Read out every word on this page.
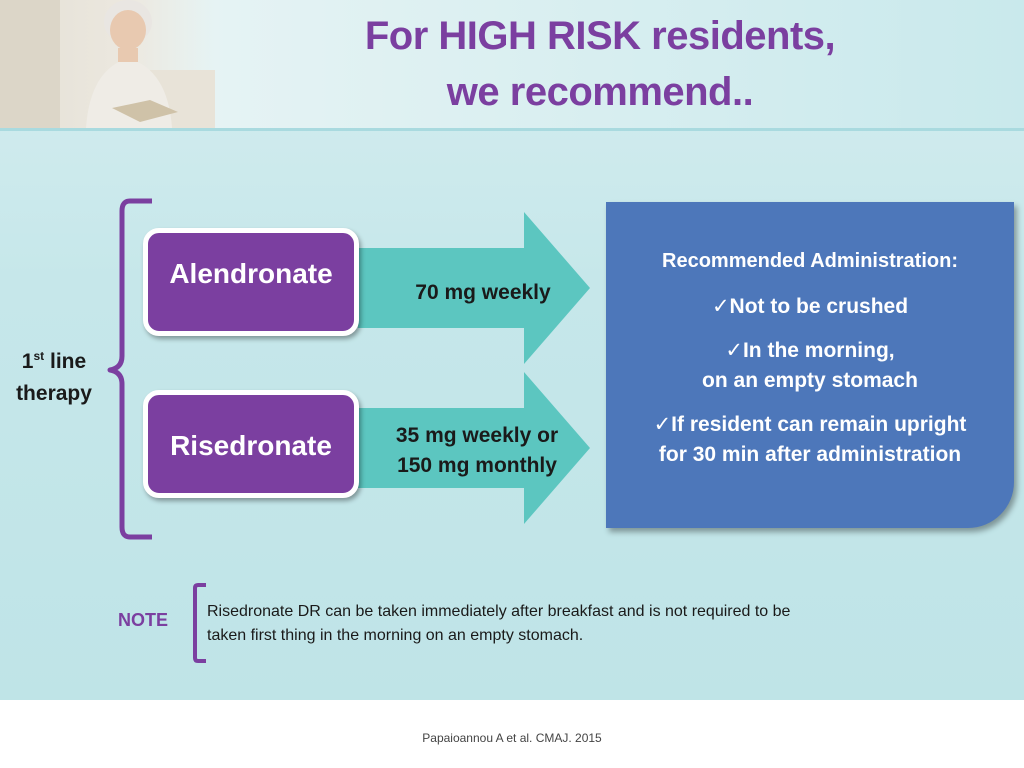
For HIGH RISK residents,
we recommend..
1st line
therapy
70 mg weekly
Alendronate
35 mg weekly or
150 mg monthly
Risedronate
Recommended Administration:
✓Not to be crushed
✓In the morning,
on an empty stomach
✓If resident can remain upright
for 30 min after administration
NOTE Risedronate DR can be taken immediately after breakfast and is not required to be
taken first thing in the morning on an empty stomach.
Papaioannou A et al. CMAJ. 2015
